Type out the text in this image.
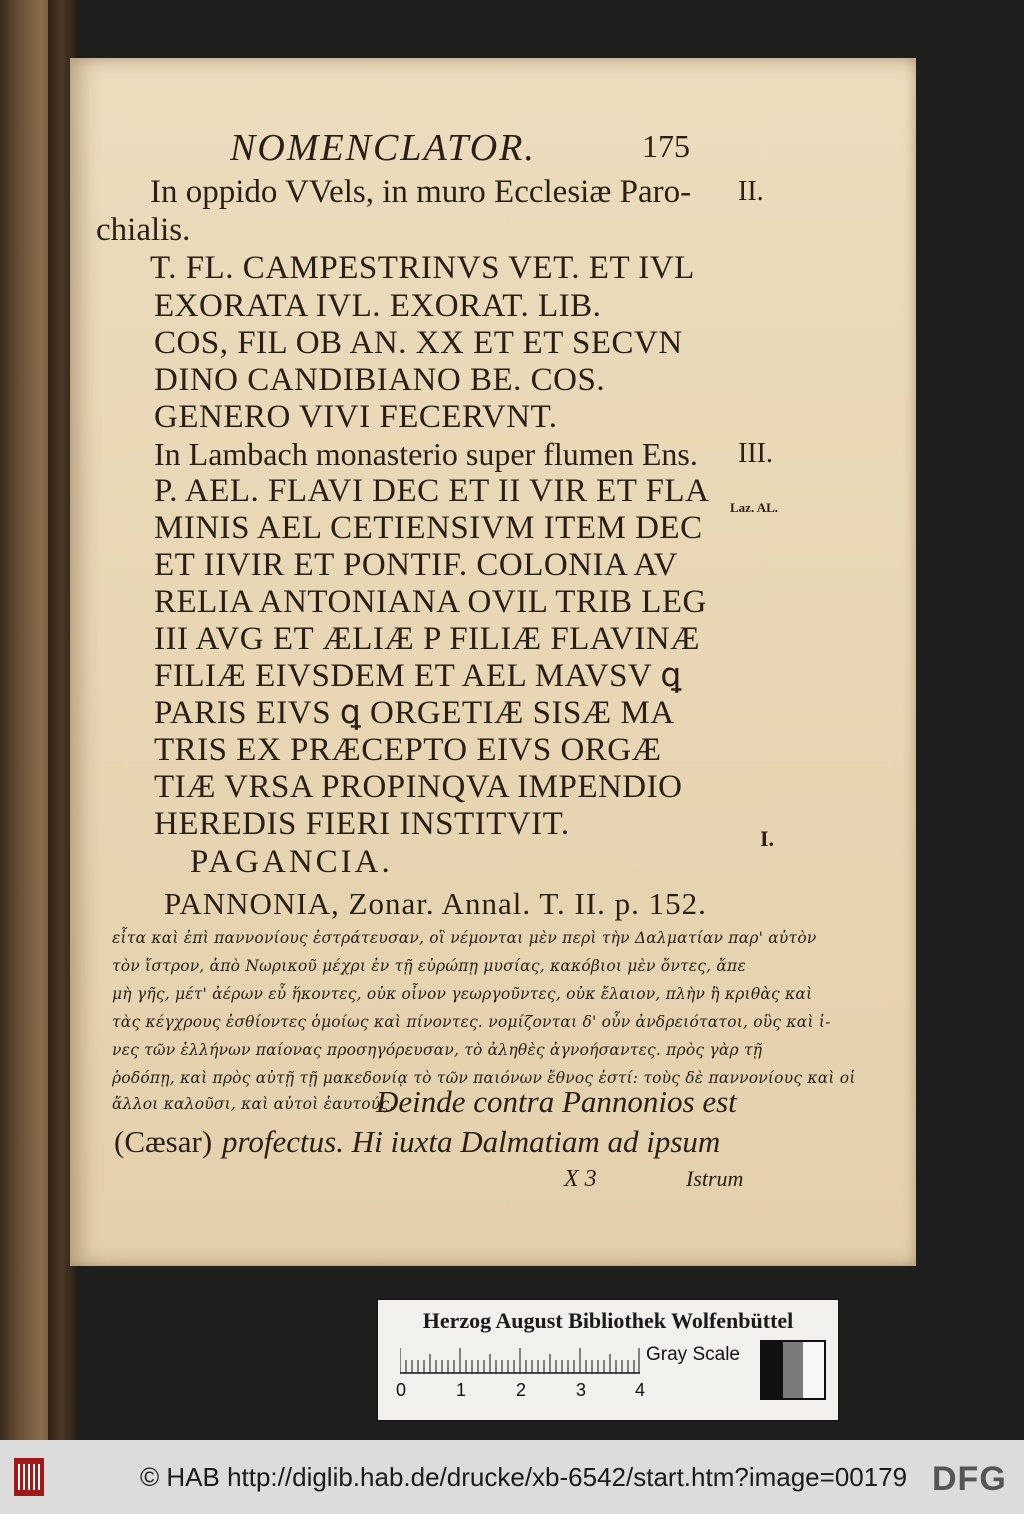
NOMENCLATOR.	175
In oppido VVels, in muro Ecclesiæ Paro-
chialis.
T. FL. CAMPESTRINVS VET. ET IVL
EXORATA IVL. EXORAT. LIB.
COS, FIL OB AN. XX ET ET SECVN
DINO CANDIBIANO BE. COS.
GENERO VIVI FECERVNT.
In Lambach monasterio super flumen Ens.
P. AEL. FLAVI DEC ET II VIR ET FLA
MINIS AEL CETIENSIVM ITEM DEC
ET IIVIR ET PONTIF. COLONIA AV
RELIA ANTONIANA OVIL TRIB LEG
III AVG ET ÆLIÆ P FILIÆ FLAVINÆ
FILIÆ EIVSDEM ET AEL MAVSV ꝗ
PARIS EIVS ꝗ ORGETIÆ SISÆ MA
TRIS EX PRÆCEPTO EIVS ORGÆ
TIÆ VRSA PROPINQVA IMPENDIO
HEREDIS FIERI INSTITVIT.
PAGANCIA.
PANNONIA, Zonar. Annal. T. II. p. 152.
εἶτα καὶ ἐπὶ παννονίους ἐστράτευσαν, οἳ νέμονται μὲν περὶ τὴν Δαλματίαν παρ' αὐτὸν
τὸν ἴστρον, ἀπὸ Νωρικοῦ μέχρι ἐν τῇ εὐρώπῃ μυσίας, κακόβιοι μὲν ὄντες, ἄπε
μὴ γῆς, μέτ' ἀέρων εὖ ἥκοντες, οὐκ οἶνον γεωργοῦντες, οὐκ ἔλαιον, πλὴν ἢ κριθὰς καὶ
τὰς κέγχρους ἐσθίοντες ὁμοίως καὶ πίνοντες. νομίζονται δ' οὖν ἀνδρειότατοι, οὓς καὶ ἰ-
νες τῶν ἑλλήνων παίονας προσηγόρευσαν, τὸ ἀληθὲς ἀγνοήσαντες. πρὸς γὰρ τῇ
ῥοδόπῃ, καὶ πρὸς αὐτῇ τῇ μακεδονίᾳ τὸ τῶν παιόνων ἔθνος ἐστί: τοὺς δὲ παννονίους καὶ οἱ
ἄλλοι καλοῦσι, καὶ αὐτοὶ ἑαυτούς.
Deinde contra Pannonios est
(Cæsar) profectus. Hi iuxta Dalmatiam ad ipsum
X 3	Istrum
II.
III.
Laz. AL.
I.
Herzog August Bibliothek Wolfenbüttel
0	1	2	3	4
Gray Scale
© HAB http://diglib.hab.de/drucke/xb-6542/start.htm?image=00179 DFG
